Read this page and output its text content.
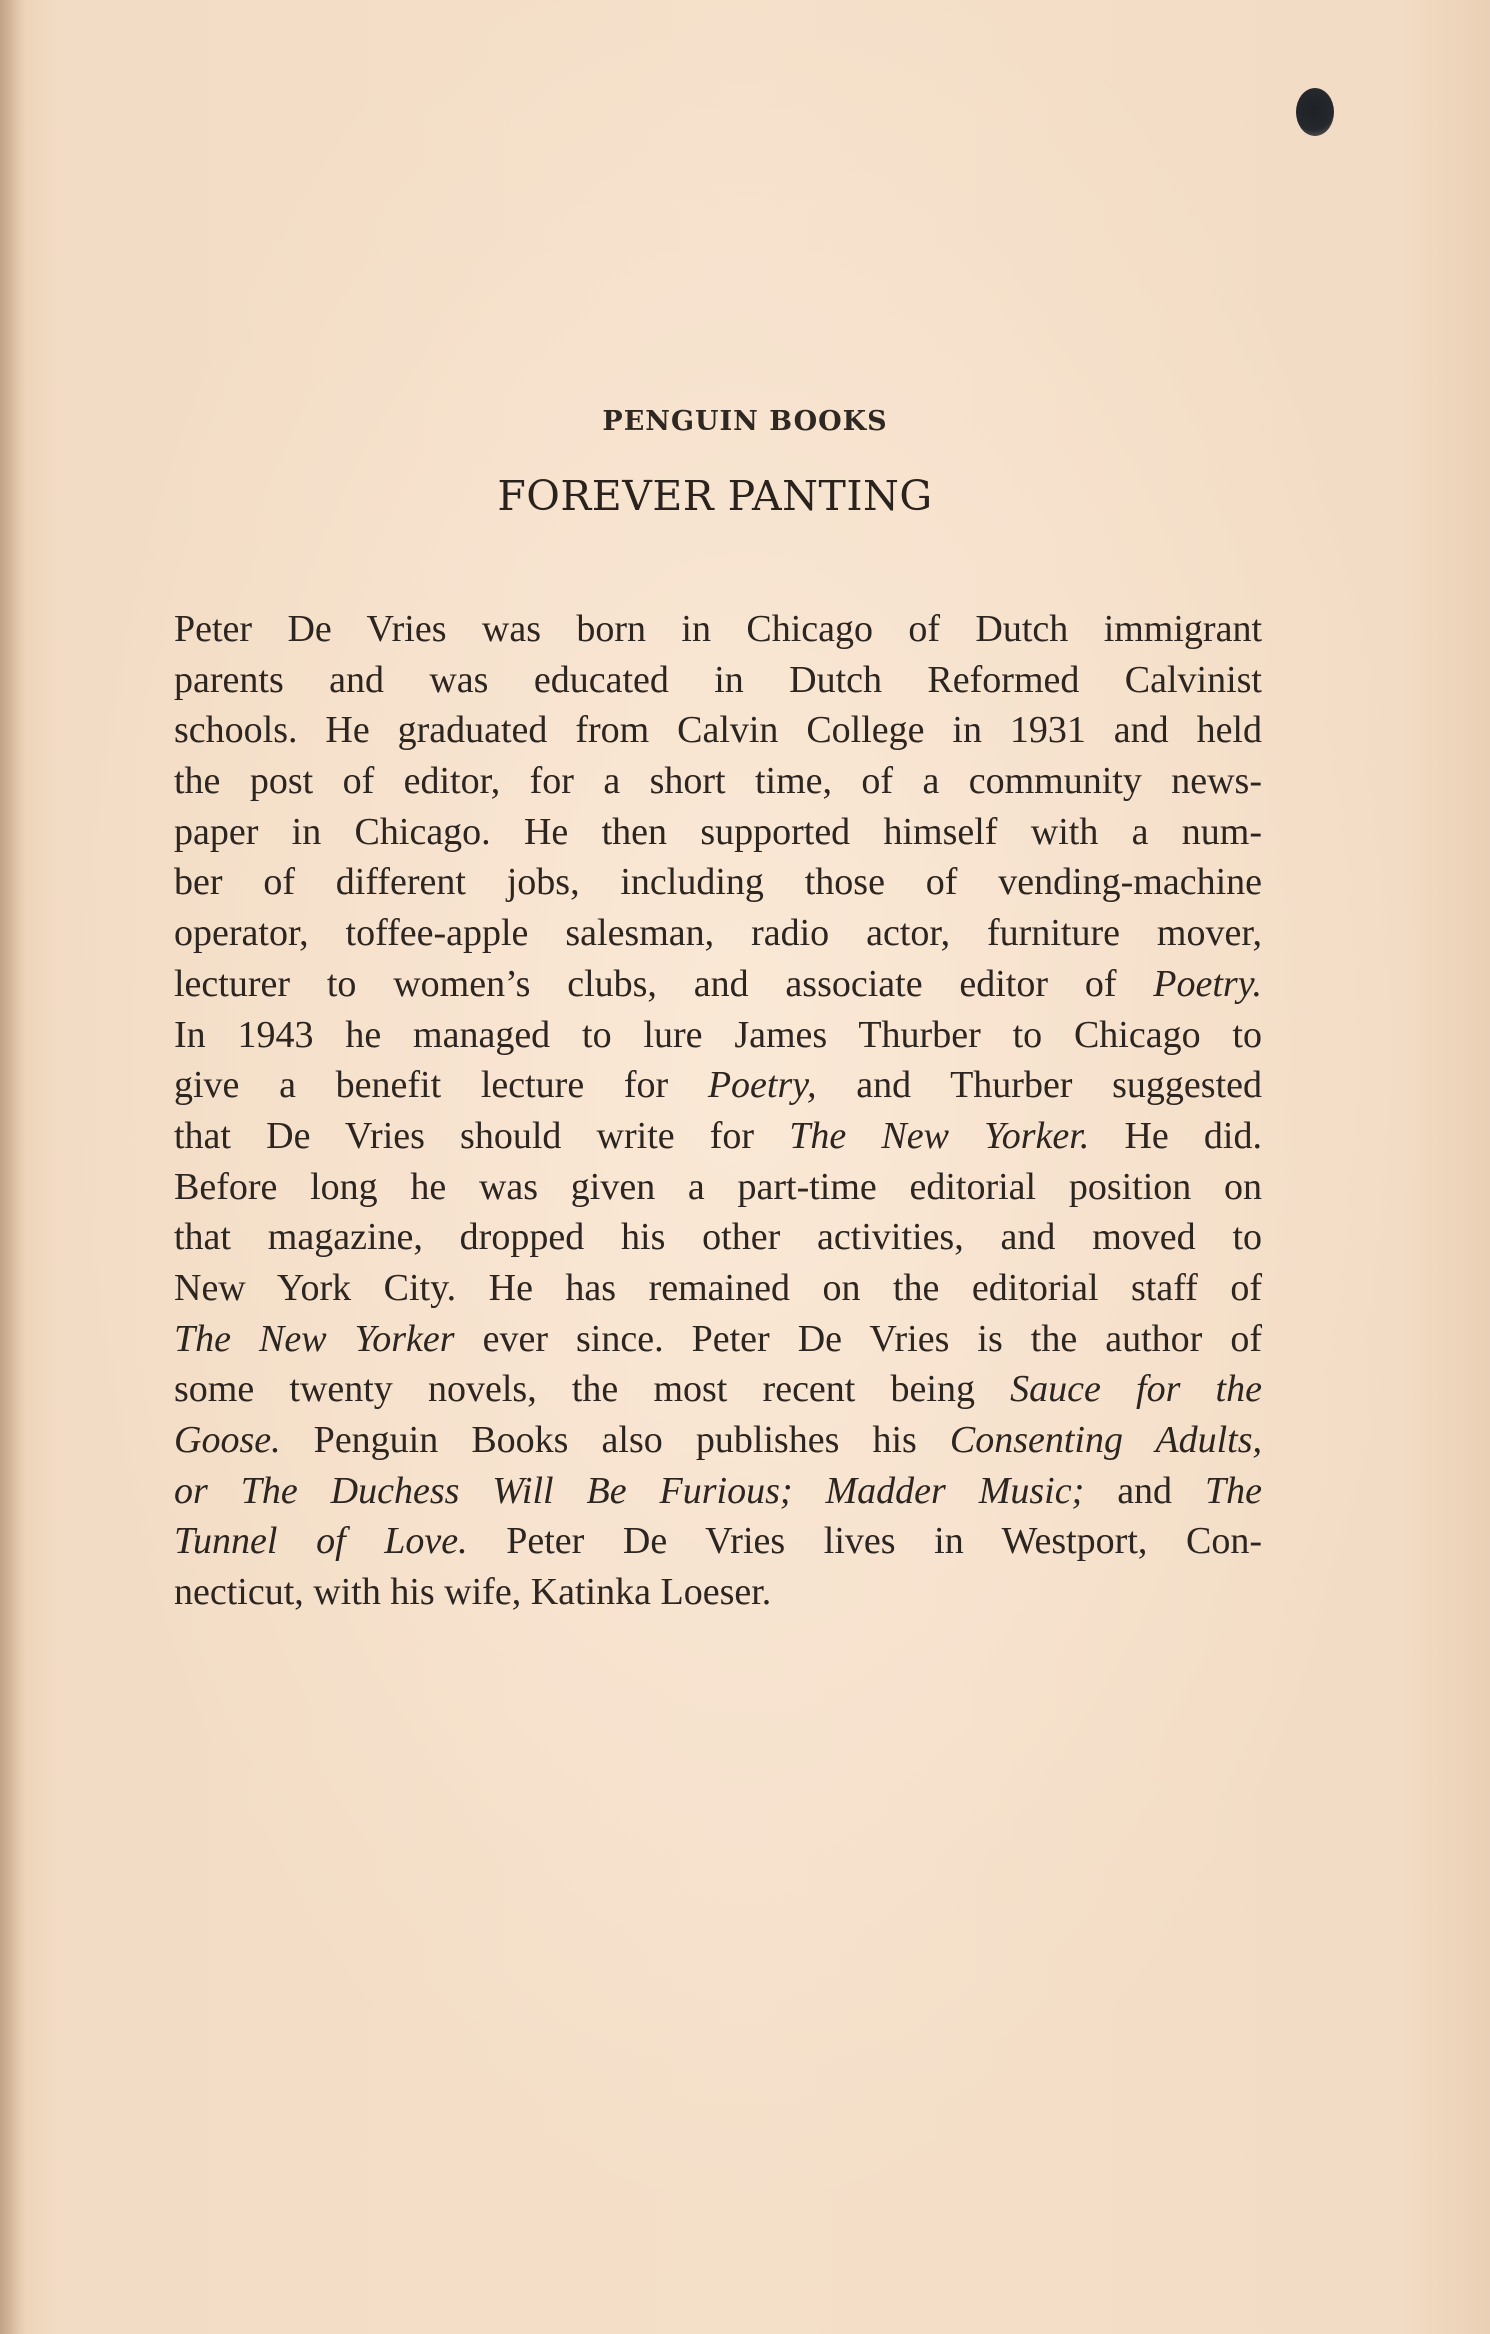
PENGUIN BOOKS
FOREVER PANTING
Peter De Vries was born in Chicago of Dutch immigrant
parents and was educated in Dutch Reformed Calvinist
schools. He graduated from Calvin College in 1931 and held
the post of editor, for a short time, of a community news-
paper in Chicago. He then supported himself with a num-
ber of different jobs, including those of vending-machine
operator, toffee-apple salesman, radio actor, furniture mover,
lecturer to women’s clubs, and associate editor of Poetry.
In 1943 he managed to lure James Thurber to Chicago to
give a benefit lecture for Poetry, and Thurber suggested
that De Vries should write for The New Yorker. He did.
Before long he was given a part-time editorial position on
that magazine, dropped his other activities, and moved to
New York City. He has remained on the editorial staff of
The New Yorker ever since. Peter De Vries is the author of
some twenty novels, the most recent being Sauce for the
Goose. Penguin Books also publishes his Consenting Adults,
or The Duchess Will Be Furious; Madder Music; and The
Tunnel of Love. Peter De Vries lives in Westport, Con-
necticut, with his wife, Katinka Loeser.
